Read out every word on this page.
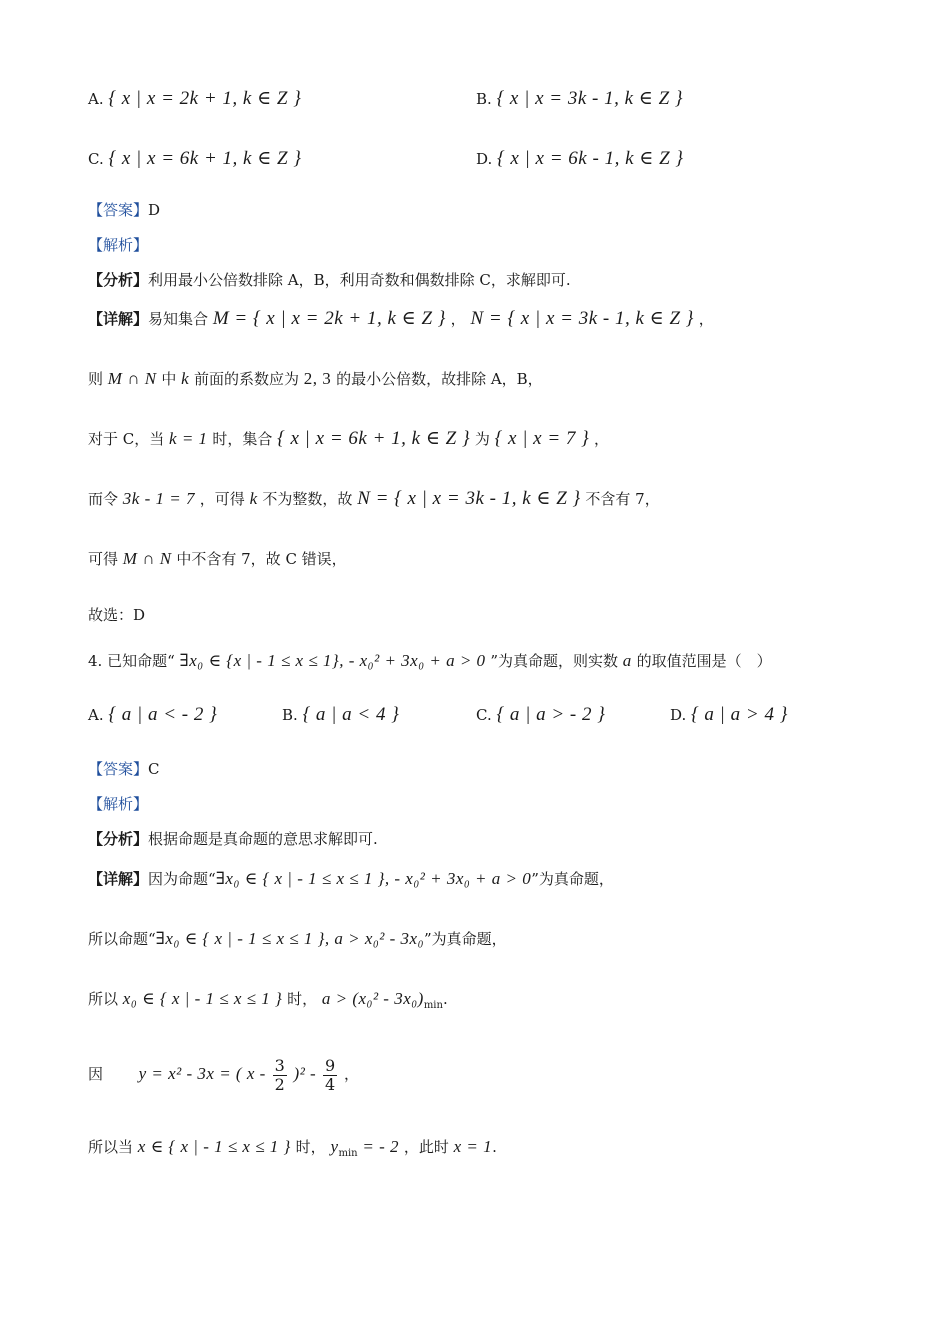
A. { x | x = 2k + 1, k ∈ Z }	B. { x | x = 3k - 1, k ∈ Z }
C. { x | x = 6k + 1, k ∈ Z }	D. { x | x = 6k - 1, k ∈ Z }
【答案】D
【解析】
【分析】利用最小公倍数排除 A，B，利用奇数和偶数排除 C，求解即可.
【详解】易知集合 M = { x | x = 2k + 1, k ∈ Z } ， N = { x | x = 3k - 1, k ∈ Z } ，
则 M ∩ N 中 k 前面的系数应为 2, 3 的最小公倍数，故排除 A，B，
对于 C，当 k = 1 时，集合 { x | x = 6k + 1, k ∈ Z } 为 { x | x = 7 } ，
而令 3k - 1 = 7 ，可得 k 不为整数，故 N = { x | x = 3k - 1, k ∈ Z } 不含有 7，
可得 M ∩ N 中不含有 7，故 C 错误，
故选：D
4. 已知命题“ ∃x₀ ∈ {x | - 1 ≤ x ≤ 1}, - x₀² + 3x₀ + a > 0 ”为真命题，则实数 a 的取值范围是（　）
A. { a | a < - 2 }	B. { a | a < 4 }	C. { a | a > - 2 }	D. { a | a > 4 }
【答案】C
【解析】
【分析】根据命题是真命题的意思求解即可.
【详解】因为命题“∃x₀ ∈ { x | - 1 ≤ x ≤ 1 }, - x₀² + 3x₀ + a > 0”为真命题，
所以命题“∃x₀ ∈ { x | - 1 ≤ x ≤ 1 }, a > x₀² - 3x₀”为真命题，
所以 x₀ ∈ { x | - 1 ≤ x ≤ 1 } 时， $a > (x_0^2 - 3x_0)_{min}$.
因 y = x² - 3x = ( x - $\frac{3}{2} )^2 - \frac{9}{4}$ ，
所以当 x ∈ { x | - 1 ≤ x ≤ 1 } 时， $y_{min}$ = - 2 ，此时 x = 1.
